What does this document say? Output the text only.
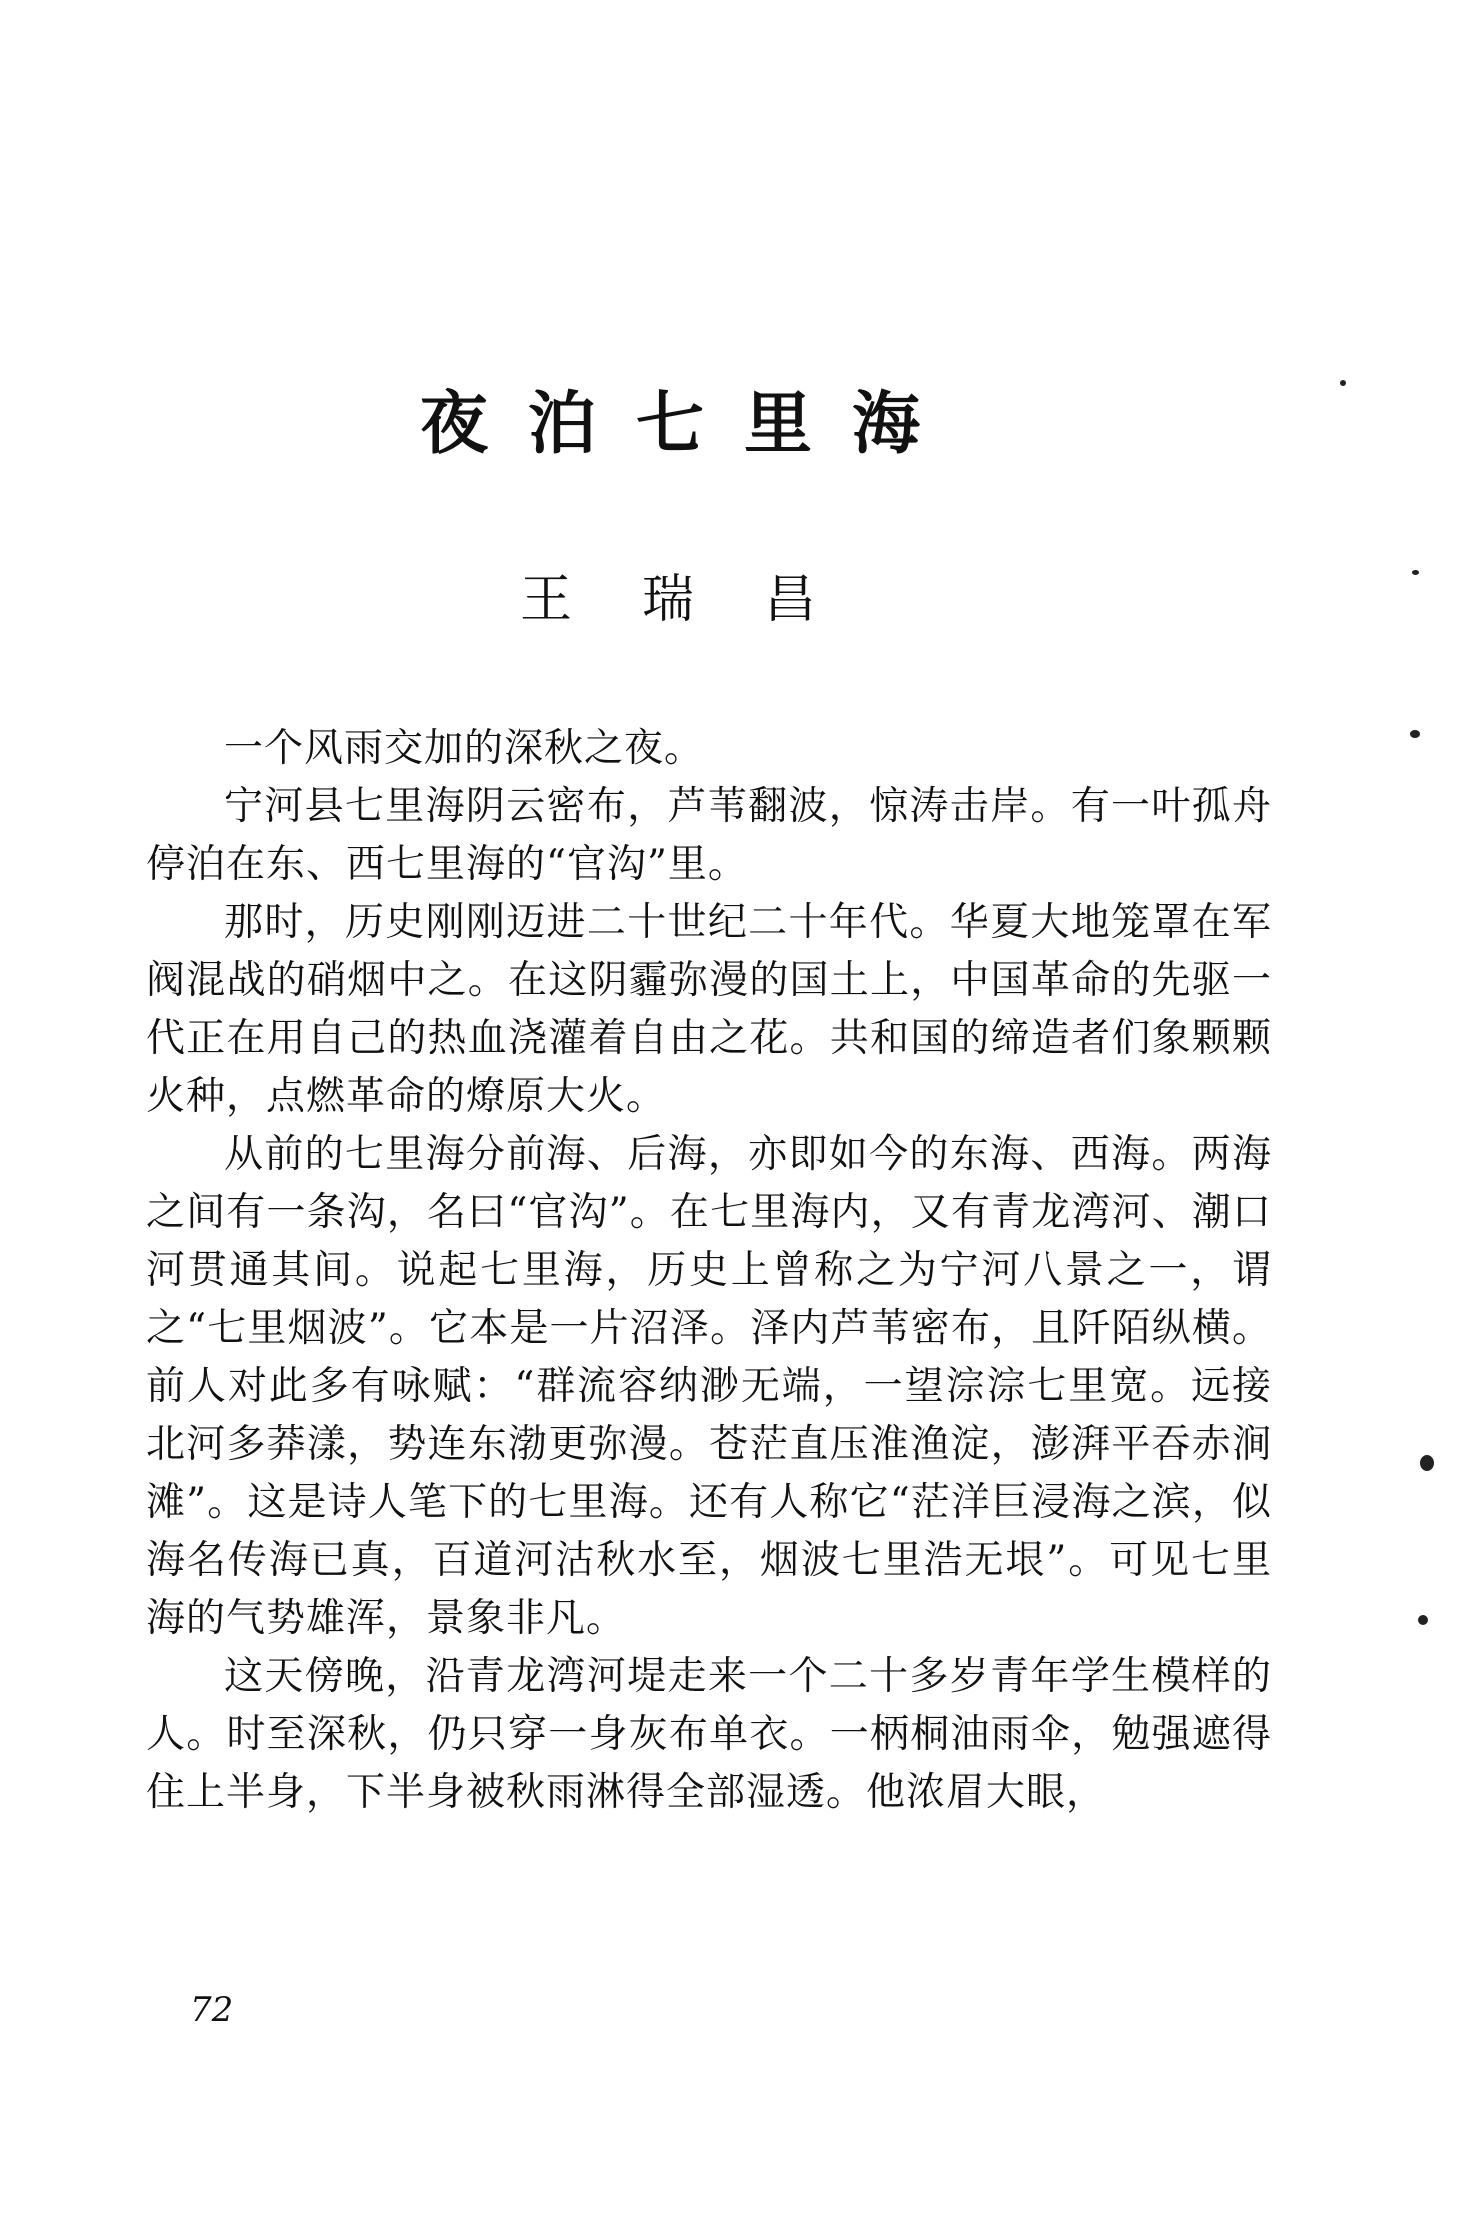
夜泊七里海
王瑞昌

一个风雨交加的深秋之夜。

宁河县七里海阴云密布，芦苇翻波，惊涛击岸。有一叶孤舟停泊在东、西七里海的“官沟”里。

那时，历史刚刚迈进二十世纪二十年代。华夏大地笼罩在军阀混战的硝烟中之。在这阴霾弥漫的国土上，中国革命的先驱一代正在用自己的热血浇灌着自由之花。共和国的缔造者们象颗颗火种，点燃革命的燎原大火。

从前的七里海分前海、后海，亦即如今的东海、西海。两海之间有一条沟，名曰“官沟”。在七里海内，又有青龙湾河、潮口河贯通其间。说起七里海，历史上曾称之为宁河八景之一，谓之“七里烟波”。它本是一片沼泽。泽内芦苇密布，且阡陌纵横。前人对此多有咏赋：“群流容纳渺无端，一望淙淙七里宽。远接北河多莽漾，势连东渤更弥漫。苍茫直压淮渔淀，澎湃平吞赤涧滩”。这是诗人笔下的七里海。还有人称它“茫洋巨浸海之滨，似海名传海已真，百道河沽秋水至，烟波七里浩无垠”。可见七里海的气势雄浑，景象非凡。

这天傍晚，沿青龙湾河堤走来一个二十多岁青年学生模样的人。时至深秋，仍只穿一身灰布单衣。一柄桐油雨伞，勉强遮得住上半身，下半身被秋雨淋得全部湿透。他浓眉大眼，

72
